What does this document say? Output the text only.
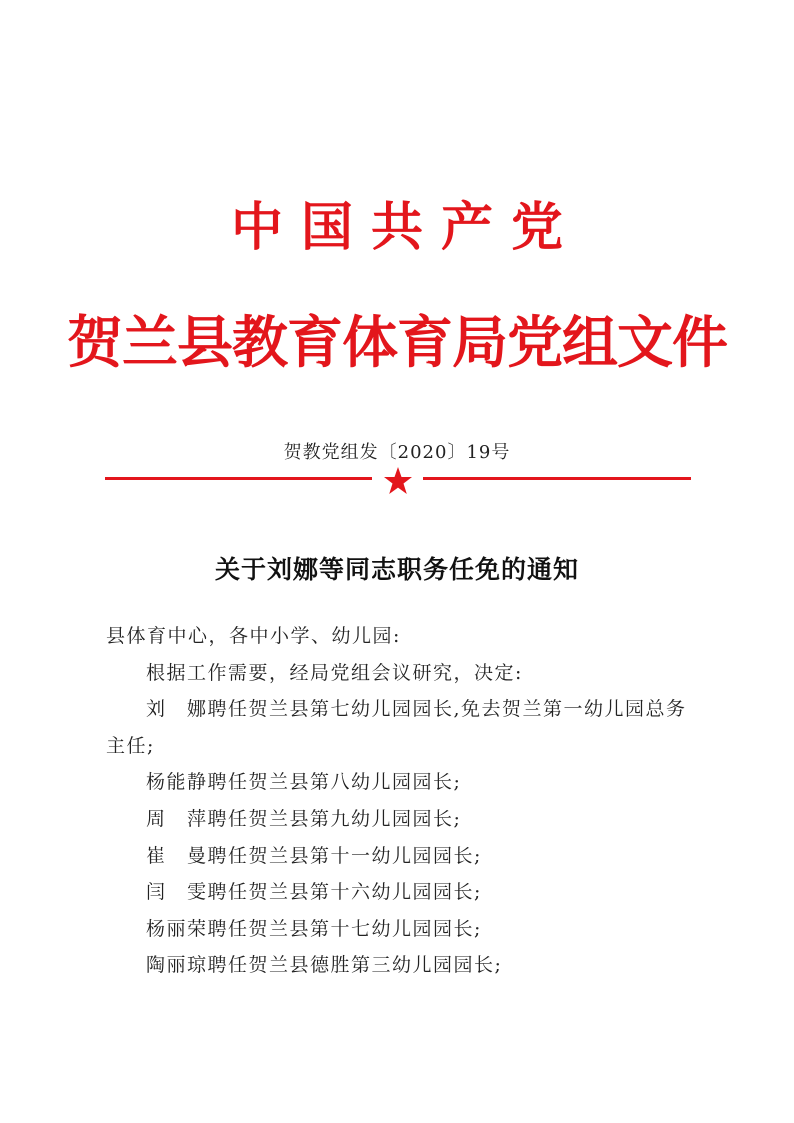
中国共产党
贺兰县教育体育局党组文件
贺教党组发〔2020〕19号
关于刘娜等同志职务任免的通知

县体育中心，各中小学、幼儿园:

根据工作需要，经局党组会议研究，决定:

刘　娜聘任贺兰县第七幼儿园园长,免去贺兰第一幼儿园总务主任;

杨能静聘任贺兰县第八幼儿园园长;

周　萍聘任贺兰县第九幼儿园园长;

崔　曼聘任贺兰县第十一幼儿园园长;

闫　雯聘任贺兰县第十六幼儿园园长;

杨丽荣聘任贺兰县第十七幼儿园园长;

陶丽琼聘任贺兰县德胜第三幼儿园园长;
